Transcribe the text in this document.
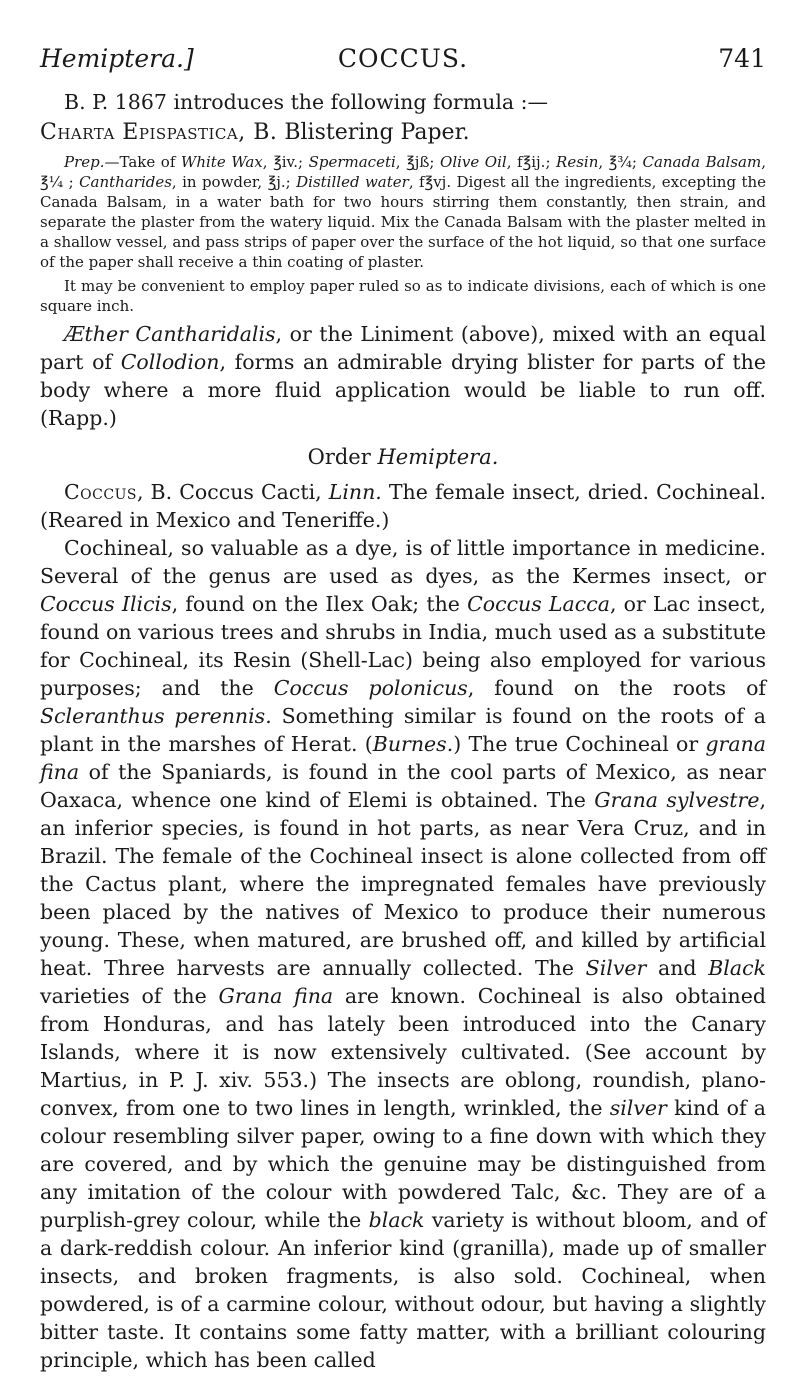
Hemiptera.]	COCCUS.	741

B. P. 1867 introduces the following formula :—

Charta Epispastica, B. Blistering Paper.

Prep.—Take of White Wax, ℥iv.; Spermaceti, ℥jß; Olive Oil, f℥ij.; Resin, ℥¾; Canada Balsam, ℥¼ ; Cantharides, in powder, ℥j.; Distilled water, f℥vj. Digest all the ingredients, excepting the Canada Balsam, in a water bath for two hours stirring them constantly, then strain, and separate the plaster from the watery liquid. Mix the Canada Balsam with the plaster melted in a shallow vessel, and pass strips of paper over the surface of the hot liquid, so that one surface of the paper shall receive a thin coating of plaster.

It may be convenient to employ paper ruled so as to indicate divisions, each of which is one square inch.

Æther Cantharidalis, or the Liniment (above), mixed with an equal part of Collodion, forms an admirable drying blister for parts of the body where a more fluid application would be liable to run off. (Rapp.)

Order Hemiptera.

Coccus, B. Coccus Cacti, Linn. The female insect, dried. Cochineal. (Reared in Mexico and Teneriffe.)

Cochineal, so valuable as a dye, is of little importance in medicine. Several of the genus are used as dyes, as the Kermes insect, or Coccus Ilicis, found on the Ilex Oak; the Coccus Lacca, or Lac insect, found on various trees and shrubs in India, much used as a substitute for Cochineal, its Resin (Shell-Lac) being also employed for various purposes; and the Coccus polonicus, found on the roots of Scleranthus perennis. Something similar is found on the roots of a plant in the marshes of Herat. (Burnes.) The true Cochineal or grana fina of the Spaniards, is found in the cool parts of Mexico, as near Oaxaca, whence one kind of Elemi is obtained. The Grana sylvestre, an inferior species, is found in hot parts, as near Vera Cruz, and in Brazil. The female of the Cochineal insect is alone collected from off the Cactus plant, where the impregnated females have previously been placed by the natives of Mexico to produce their numerous young. These, when matured, are brushed off, and killed by artificial heat. Three harvests are annually collected. The Silver and Black varieties of the Grana fina are known. Cochineal is also obtained from Honduras, and has lately been introduced into the Canary Islands, where it is now extensively cultivated. (See account by Martius, in P. J. xiv. 553.) The insects are oblong, roundish, plano-convex, from one to two lines in length, wrinkled, the silver kind of a colour resembling silver paper, owing to a fine down with which they are covered, and by which the genuine may be distinguished from any imitation of the colour with powdered Talc, &c. They are of a purplish-grey colour, while the black variety is without bloom, and of a dark-reddish colour. An inferior kind (granilla), made up of smaller insects, and broken fragments, is also sold. Cochineal, when powdered, is of a carmine colour, without odour, but having a slightly bitter taste. It contains some fatty matter, with a brilliant colouring principle, which has been called
